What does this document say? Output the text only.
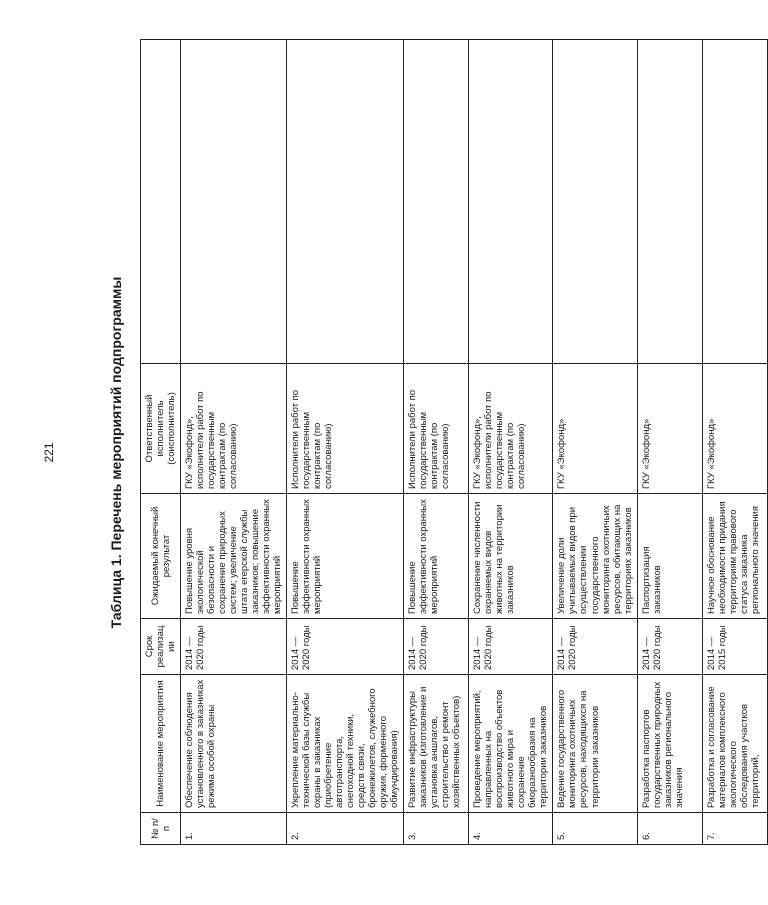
221	Таблица 1. Перечень мероприятий подпрограммы
№ п/п	Наименование мероприятия	Срок реализации	Ожидаемый конечный результат	Ответственный исполнитель (соисполнитель)	
1.	Обеспечение соблюдения установленного в заказниках режима особой охраны	2014 — 2020 годы	Повышение уровня экологической безопасности и сохранение природных систем; увеличение штата егерской службы заказников; повышение эффективности охранных мероприятий	ГКУ «Экофонд», исполнители работ по государственным контрактам (по согласованию)	
2.	Укрепление материально-технической базы службы охраны в заказниках (приобретение автотранспорта, снегоходной техники, средств связи, бронежилетов, служебного оружия, форменного обмундирования)	2014 — 2020 годы	Повышение эффективности охранных мероприятий	Исполнители работ по государственным контрактам (по согласованию)	
3.	Развитие инфраструктуры заказников (изготовление и установка аншлагов, строительство и ремонт хозяйственных объектов)	2014 — 2020 годы	Повышение эффективности охранных мероприятий	Исполнители работ по государственным контрактам (по согласованию)	
4.	Проведение мероприятий, направленных на воспроизводство объектов животного мира и сохранение биоразнообразия на территории заказников	2014 — 2020 годы	Сохранение численности охраняемых видов животных на территории заказников	ГКУ «Экофонд», исполнители работ по государственным контрактам (по согласованию)	
5.	Ведение государственного мониторинга охотничьих ресурсов, находящихся на территории заказников	2014 — 2020 годы	Увеличение доли учитываемых видов при осуществлении государственного мониторинга охотничьих ресурсов, обитающих на территориях заказников	ГКУ «Экофонд»	
6.	Разработка паспортов государственных природных заказников регионального значения	2014 — 2020 годы	Паспортизация заказников	ГКУ «Экофонд»	
7.	Разработка и согласование материалов комплексного экологического обследования участков территорий,	2014 — 2015 годы	Научное обоснование необходимости придания территориям правового статуса заказника регионального значения	ГКУ «Экофонд»	
